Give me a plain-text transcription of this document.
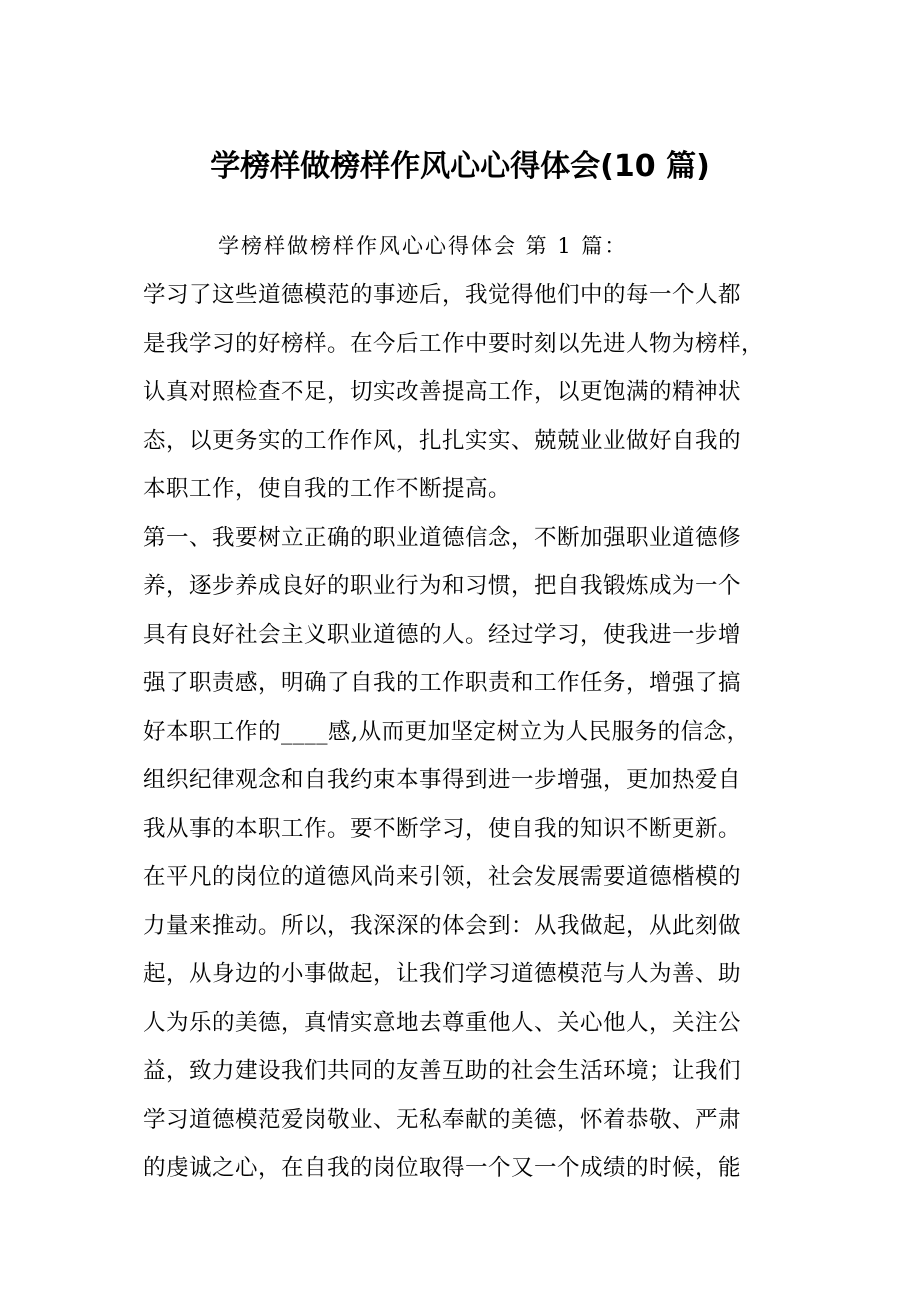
学榜样做榜样作风心心得体会(10 篇)
学榜样做榜样作风心心得体会 第 1 篇：
学习了这些道德模范的事迹后，我觉得他们中的每一个人都
是我学习的好榜样。在今后工作中要时刻以先进人物为榜样，
认真对照检查不足，切实改善提高工作，以更饱满的精神状
态，以更务实的工作作风，扎扎实实、兢兢业业做好自我的
本职工作，使自我的工作不断提高。
第一、我要树立正确的职业道德信念，不断加强职业道德修
养，逐步养成良好的职业行为和习惯，把自我锻炼成为一个
具有良好社会主义职业道德的人。经过学习，使我进一步增
强了职责感，明确了自我的工作职责和工作任务，增强了搞
好本职工作的____感,从而更加坚定树立为人民服务的信念，
组织纪律观念和自我约束本事得到进一步增强，更加热爱自
我从事的本职工作。要不断学习，使自我的知识不断更新。
在平凡的岗位的道德风尚来引领，社会发展需要道德楷模的
力量来推动。所以，我深深的体会到：从我做起，从此刻做
起，从身边的小事做起，让我们学习道德模范与人为善、助
人为乐的美德，真情实意地去尊重他人、关心他人，关注公
益，致力建设我们共同的友善互助的社会生活环境；让我们
学习道德模范爱岗敬业、无私奉献的美德，怀着恭敬、严肃
的虔诚之心，在自我的岗位取得一个又一个成绩的时候，能
